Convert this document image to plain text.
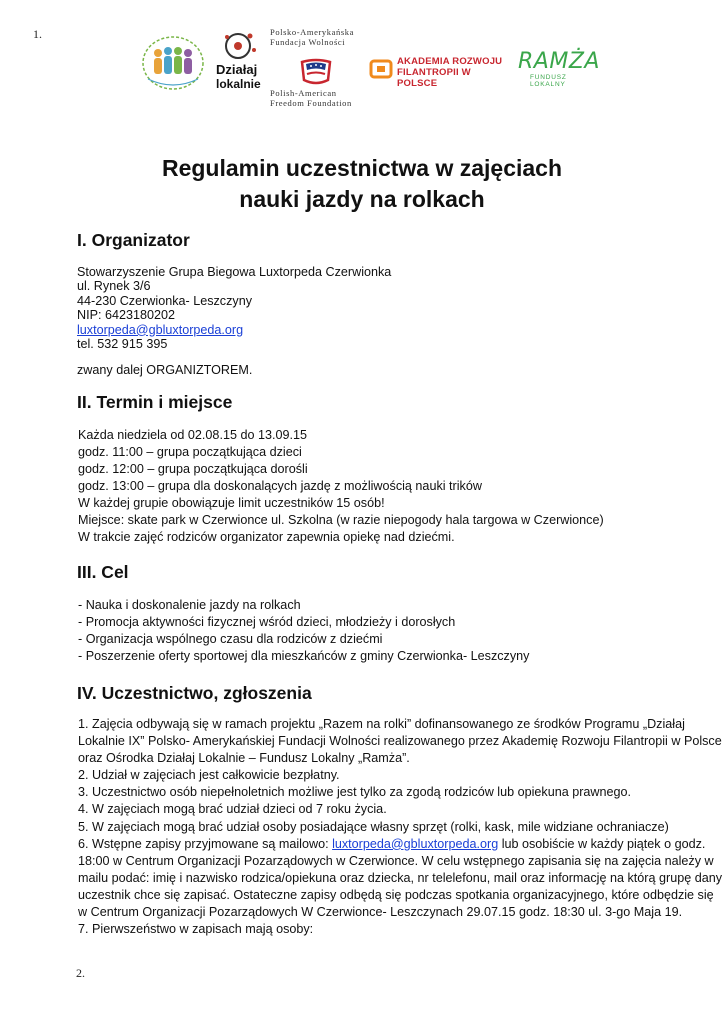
1.
Działaj
lokalnie
Polsko-Amerykańska
Fundacja Wolności
Polish-American
Freedom Foundation
AKADEMIA ROZWOJU
FILANTROPII W POLSCE
RAMŻA
FUNDUSZ LOKALNY
Regulamin uczestnictwa w zajęciach
nauki jazdy na rolkach
I. Organizator
Stowarzyszenie Grupa Biegowa Luxtorpeda Czerwionka
ul. Rynek 3/6
44-230 Czerwionka- Leszczyny
NIP: 6423180202
luxtorpeda@gbluxtorpeda.org
tel. 532 915 395
zwany dalej ORGANIZTOREM.
II. Termin i miejsce
Każda niedziela od 02.08.15 do 13.09.15
godz. 11:00 – grupa początkująca dzieci
godz. 12:00 – grupa początkująca dorośli
godz. 13:00 – grupa dla doskonalących jazdę z możliwością nauki trików
W każdej grupie obowiązuje limit uczestników 15 osób!
Miejsce: skate park w Czerwionce ul. Szkolna (w razie niepogody hala targowa w Czerwionce)
W trakcie zajęć rodziców organizator zapewnia opiekę nad dziećmi.
III. Cel
- Nauka i doskonalenie jazdy na rolkach
- Promocja aktywności fizycznej wśród dzieci, młodzieży i dorosłych
- Organizacja wspólnego czasu dla rodziców z dziećmi
- Poszerzenie oferty sportowej dla mieszkańców z gminy Czerwionka- Leszczyny
IV. Uczestnictwo, zgłoszenia
1. Zajęcia odbywają się w ramach projektu „Razem na rolki” dofinansowanego ze środków Programu „Działaj
Lokalnie IX” Polsko- Amerykańskiej Fundacji Wolności realizowanego przez Akademię Rozwoju Filantropii w Polsce
oraz Ośrodka Działaj Lokalnie – Fundusz Lokalny „Ramża”.
2. Udział w zajęciach jest całkowicie bezpłatny.
3. Uczestnictwo osób niepełnoletnich możliwe jest tylko za zgodą rodziców lub opiekuna prawnego.
4. W zajęciach mogą brać udział dzieci od 7 roku życia.
5. W zajęciach mogą brać udział osoby posiadające własny sprzęt (rolki, kask, mile widziane ochraniacze)
6. Wstępne zapisy przyjmowane są mailowo: luxtorpeda@gbluxtorpeda.org lub osobiście w każdy piątek o godz.
18:00 w Centrum Organizacji Pozarządowych w Czerwionce. W celu wstępnego zapisania się na zajęcia należy w
mailu podać: imię i nazwisko rodzica/opiekuna oraz dziecka, nr telelefonu, mail oraz informację na którą grupę dany
uczestnik chce się zapisać. Ostateczne zapisy odbędą się podczas spotkania organizacyjnego, które odbędzie się
w Centrum Organizacji Pozarządowych W Czerwionce- Leszczynach 29.07.15 godz. 18:30 ul. 3-go Maja 19.
7. Pierwszeństwo w zapisach mają osoby:
2.
